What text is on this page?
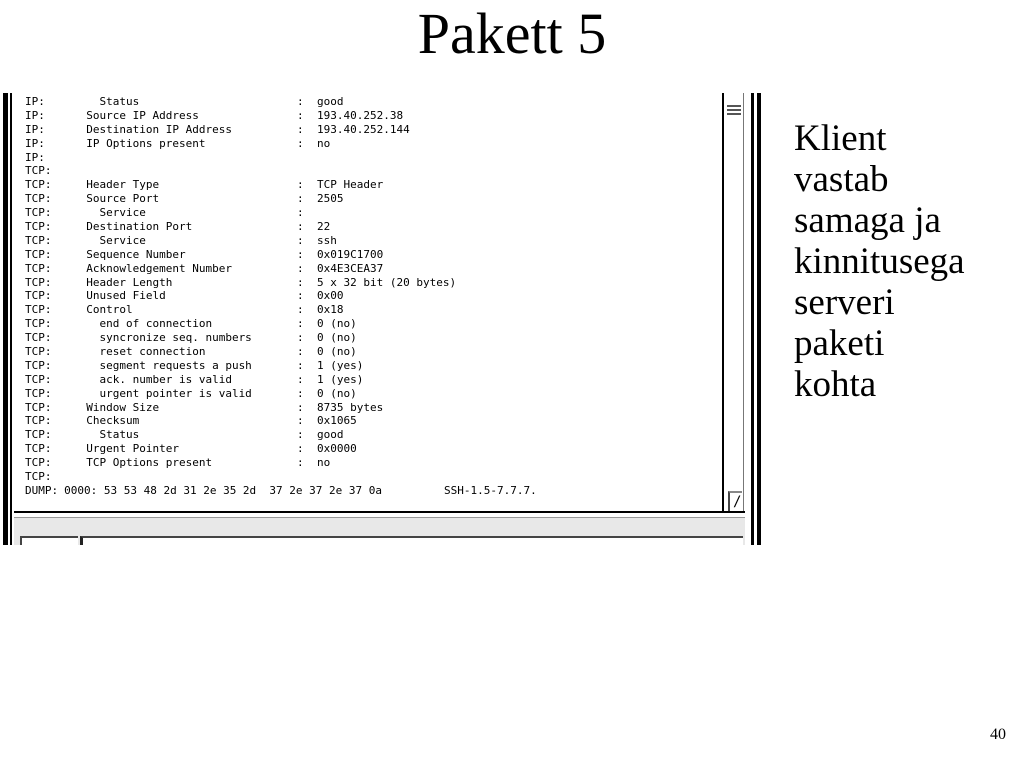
Pakett 5
IP:	Status	:	good
IP:	Source IP Address	:	193.40.252.38
IP:	Destination IP Address	:	193.40.252.144
IP:	IP Options present	:	no
IP:
TCP:
TCP:	Header Type	:	TCP Header
TCP:	Source Port	:	2505
TCP:	Service	:
TCP:	Destination Port	:	22
TCP:	Service	:	ssh
TCP:	Sequence Number	:	0x019C1700
TCP:	Acknowledgement Number	:	0x4E3CEA37
TCP:	Header Length	:	5 x 32 bit (20 bytes)
TCP:	Unused Field	:	0x00
TCP:	Control	:	0x18
TCP:	end of connection	:	0 (no)
TCP:	syncronize seq. numbers	:	0 (no)
TCP:	reset connection	:	0 (no)
TCP:	segment requests a push	:	1 (yes)
TCP:	ack. number is valid	:	1 (yes)
TCP:	urgent pointer is valid	:	0 (no)
TCP:	Window Size	:	8735 bytes
TCP:	Checksum	:	0x1065
TCP:	Status	:	good
TCP:	Urgent Pointer	:	0x0000
TCP:	TCP Options present	:	no
TCP:
DUMP: 0000: 53 53 48 2d 31 2e 35 2d  37 2e 37 2e 37 0a	SSH-1.5-7.7.7.
/
Klient
vastab
samaga ja
kinnitusega
serveri
paketi
kohta
40
